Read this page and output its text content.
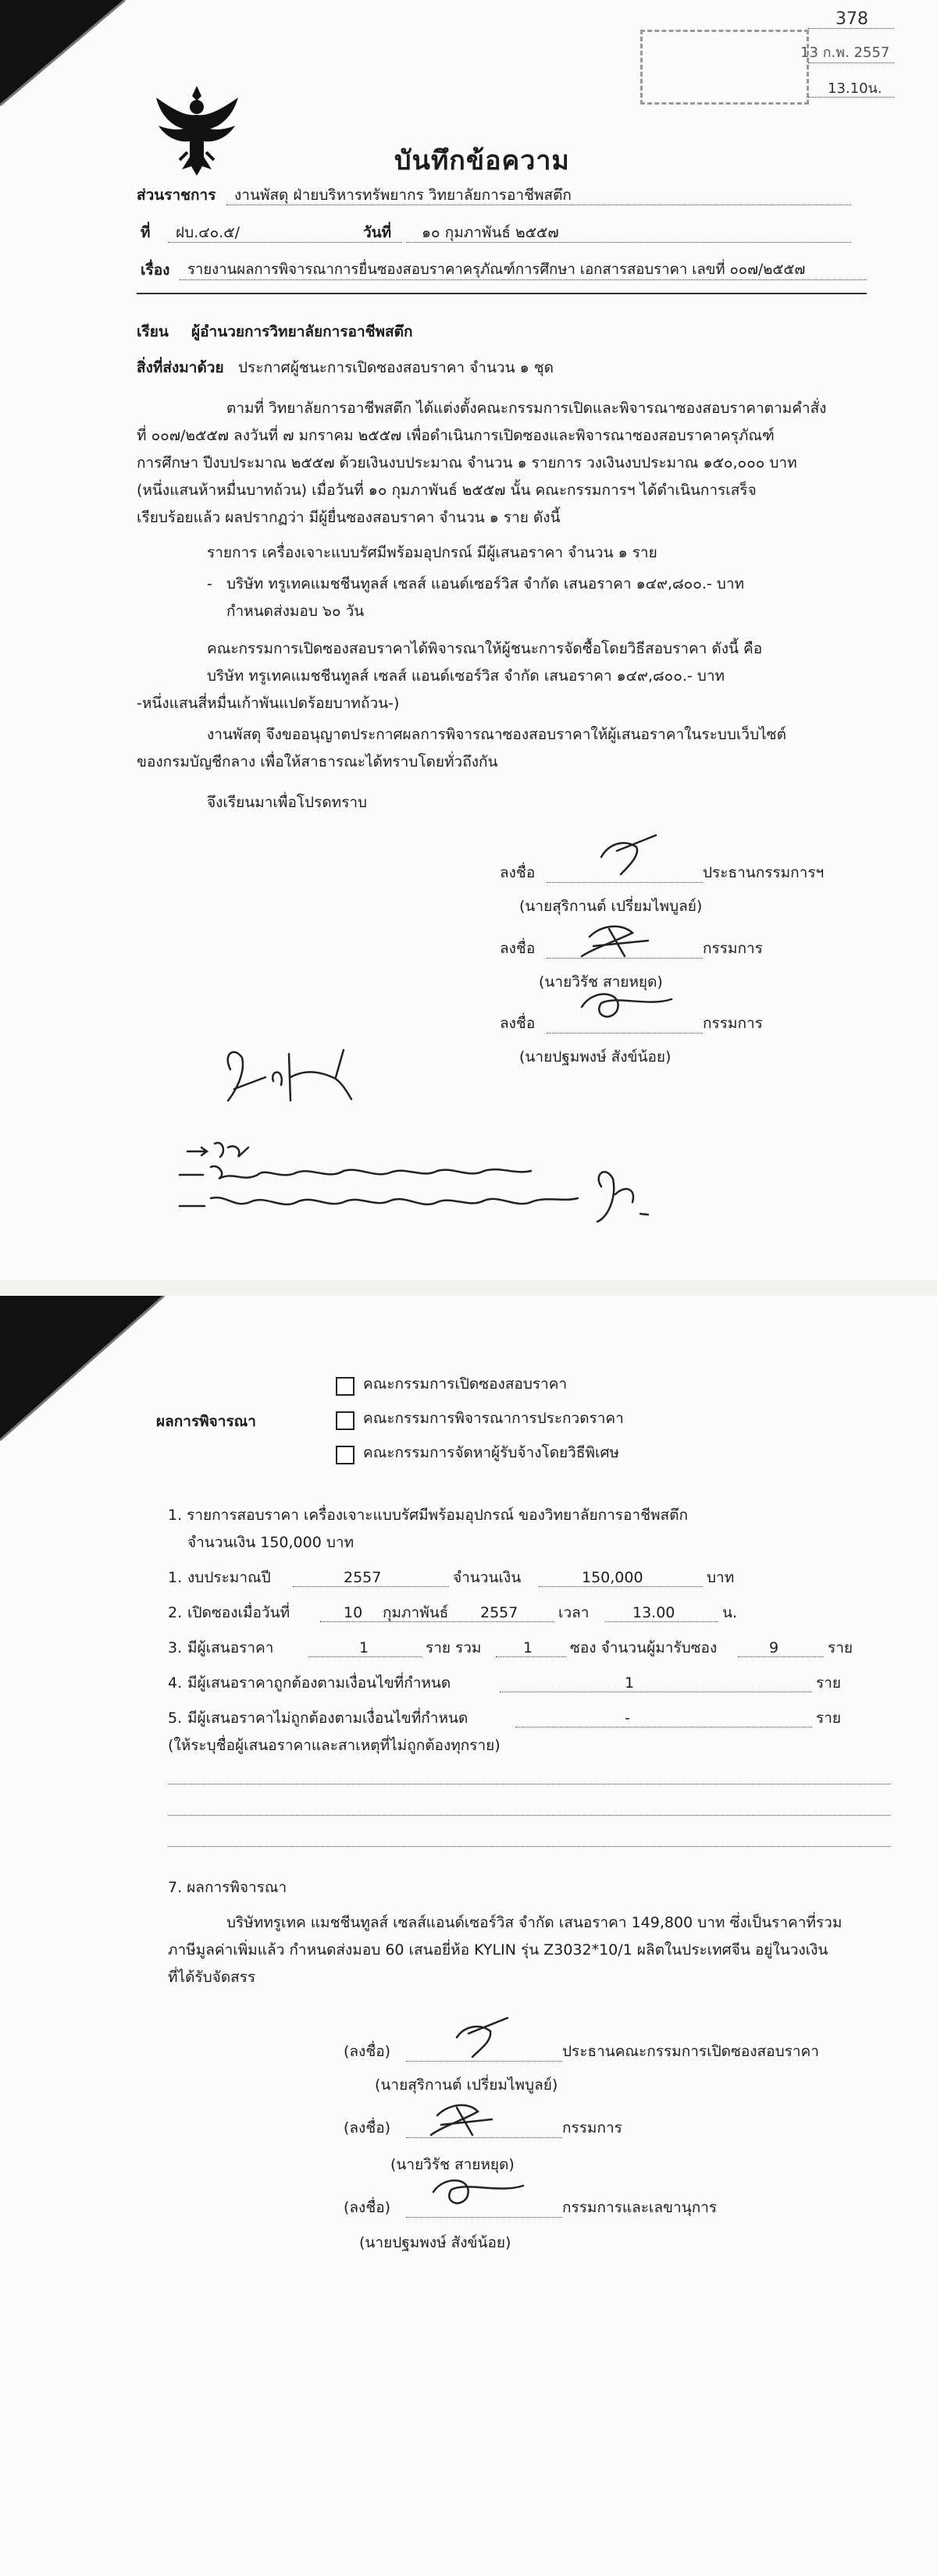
378
13 ก.พ. 2557
13.10น.
บันทึกข้อความ
ส่วนราชการ งานพัสดุ ฝ่ายบริหารทรัพยากร วิทยาลัยการอาชีพสตึก
ที่ ฝบ.๔๐.๕/	วันที่ ๑๐ กุมภาพันธ์ ๒๕๕๗
เรื่อง รายงานผลการพิจารณาการยื่นซองสอบราคาครุภัณฑ์การศึกษา เอกสารสอบราคา เลขที่ ๐๐๗/๒๕๕๗
เรียน ผู้อำนวยการวิทยาลัยการอาชีพสตึก
สิ่งที่ส่งมาด้วย ประกาศผู้ชนะการเปิดซองสอบราคา จำนวน ๑ ชุด
ตามที่ วิทยาลัยการอาชีพสตึก ได้แต่งตั้งคณะกรรมการเปิดและพิจารณาซองสอบราคาตามคำสั่ง
ที่ ๐๐๗/๒๕๕๗ ลงวันที่ ๗ มกราคม ๒๕๕๗ เพื่อดำเนินการเปิดซองและพิจารณาซองสอบราคาครุภัณฑ์
การศึกษา ปีงบประมาณ ๒๕๕๗ ด้วยเงินงบประมาณ จำนวน ๑ รายการ วงเงินงบประมาณ ๑๕๐,๐๐๐ บาท
(หนึ่งแสนห้าหมื่นบาทถ้วน) เมื่อวันที่ ๑๐ กุมภาพันธ์ ๒๕๕๗ นั้น คณะกรรมการฯ ได้ดำเนินการเสร็จ
เรียบร้อยแล้ว ผลปรากฏว่า มีผู้ยื่นซองสอบราคา จำนวน ๑ ราย ดังนี้
รายการ เครื่องเจาะแบบรัศมีพร้อมอุปกรณ์ มีผู้เสนอราคา จำนวน ๑ ราย
- บริษัท ทรูเทคแมชชีนทูลส์ เซลส์ แอนด์เซอร์วิส จำกัด เสนอราคา ๑๔๙,๘๐๐.- บาท
กำหนดส่งมอบ ๖๐ วัน
คณะกรรมการเปิดซองสอบราคาได้พิจารณาให้ผู้ชนะการจัดซื้อโดยวิธีสอบราคา ดังนี้ คือ
บริษัท ทรูเทคแมชชีนทูลส์ เซลส์ แอนด์เซอร์วิส จำกัด เสนอราคา ๑๔๙,๘๐๐.- บาท
-หนึ่งแสนสี่หมื่นเก้าพันแปดร้อยบาทถ้วน-)
งานพัสดุ จึงขออนุญาตประกาศผลการพิจารณาซองสอบราคาให้ผู้เสนอราคาในระบบเว็บไซต์
ของกรมบัญชีกลาง เพื่อให้สาธารณะได้ทราบโดยทั่วถึงกัน
จึงเรียนมาเพื่อโปรดทราบ
ลงชื่อ	ประธานกรรมการฯ
(นายสุริกานต์ เปรี่ยมไพบูลย์)
ลงชื่อ	กรรมการ
(นายวิรัช สายหยุด)
ลงชื่อ	กรรมการ
(นายปฐมพงษ์ สังข์น้อย)
ผลการพิจารณา
คณะกรรมการเปิดซองสอบราคา
คณะกรรมการพิจารณาการประกวดราคา
คณะกรรมการจัดหาผู้รับจ้างโดยวิธีพิเศษ
1. รายการสอบราคา เครื่องเจาะแบบรัศมีพร้อมอุปกรณ์ ของวิทยาลัยการอาชีพสตึก
จำนวนเงิน 150,000 บาท
1. งบประมาณปี	2557	จำนวนเงิน	150,000	บาท
2. เปิดซองเมื่อวันที่	10 กุมภาพันธ์ 2557	เวลา	13.00	น.
3. มีผู้เสนอราคา	1	ราย รวม	1	ซอง จำนวนผู้มารับซอง	9	ราย
4. มีผู้เสนอราคาถูกต้องตามเงื่อนไขที่กำหนด	1	ราย
5. มีผู้เสนอราคาไม่ถูกต้องตามเงื่อนไขที่กำหนด	-	ราย
(ให้ระบุชื่อผู้เสนอราคาและสาเหตุที่ไม่ถูกต้องทุกราย)
7. ผลการพิจารณา
บริษัททรูเทค แมชชีนทูลส์ เซลส์แอนด์เซอร์วิส จำกัด เสนอราคา 149,800 บาท ซึ่งเป็นราคาที่รวม
ภาษีมูลค่าเพิ่มแล้ว กำหนดส่งมอบ 60 เสนอยี่ห้อ KYLIN รุ่น Z3032*10/1 ผลิตในประเทศจีน อยู่ในวงเงิน
ที่ได้รับจัดสรร
(ลงชื่อ)	ประธานคณะกรรมการเปิดซองสอบราคา
(นายสุริกานต์ เปรี่ยมไพบูลย์)
(ลงชื่อ)	กรรมการ
(นายวิรัช สายหยุด)
(ลงชื่อ)	กรรมการและเลขานุการ
(นายปฐมพงษ์ สังข์น้อย)
